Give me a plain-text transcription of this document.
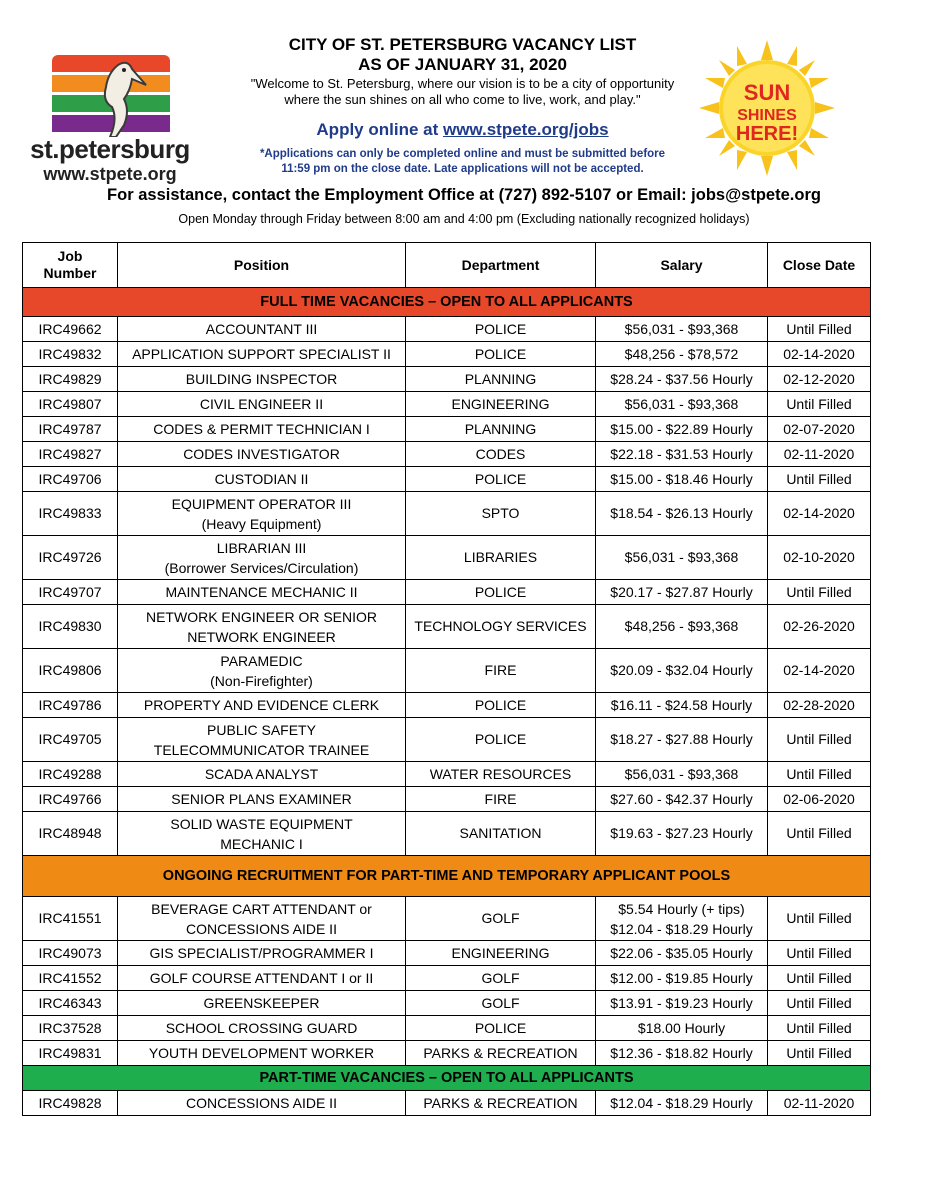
st.petersburg
www.stpete.org
SUN
SHINES
HERE!
CITY OF ST. PETERSBURG VACANCY LIST
AS OF JANUARY 31, 2020
"Welcome to St. Petersburg, where our vision is to be a city of opportunity
where the sun shines on all who come to live, work, and play."
Apply online at www.stpete.org/jobs
*Applications can only be completed online and must be submitted before
11:59 pm on the close date. Late applications will not be accepted.
For assistance, contact the Employment Office at (727) 892-5107 or Email: jobs@stpete.org
Open Monday through Friday between 8:00 am and 4:00 pm (Excluding nationally recognized holidays)
Job
Number	Position	Department	Salary	Close Date
FULL TIME VACANCIES – OPEN TO ALL APPLICANTS				
IRC49662	ACCOUNTANT III	POLICE	$56,031 - $93,368	Until Filled
IRC49832	APPLICATION SUPPORT SPECIALIST II	POLICE	$48,256 - $78,572	02-14-2020
IRC49829	BUILDING INSPECTOR	PLANNING	$28.24 - $37.56 Hourly	02-12-2020
IRC49807	CIVIL ENGINEER II	ENGINEERING	$56,031 - $93,368	Until Filled
IRC49787	CODES & PERMIT TECHNICIAN I	PLANNING	$15.00 - $22.89 Hourly	02-07-2020
IRC49827	CODES INVESTIGATOR	CODES	$22.18 - $31.53 Hourly	02-11-2020
IRC49706	CUSTODIAN II	POLICE	$15.00 - $18.46 Hourly	Until Filled
IRC49833	EQUIPMENT OPERATOR III
(Heavy Equipment)	SPTO	$18.54 - $26.13 Hourly	02-14-2020
IRC49726	LIBRARIAN III
(Borrower Services/Circulation)	LIBRARIES	$56,031 - $93,368	02-10-2020
IRC49707	MAINTENANCE MECHANIC II	POLICE	$20.17 - $27.87 Hourly	Until Filled
IRC49830	NETWORK ENGINEER OR SENIOR
NETWORK ENGINEER	TECHNOLOGY SERVICES	$48,256 - $93,368	02-26-2020
IRC49806	PARAMEDIC
(Non-Firefighter)	FIRE	$20.09 - $32.04 Hourly	02-14-2020
IRC49786	PROPERTY AND EVIDENCE CLERK	POLICE	$16.11 - $24.58 Hourly	02-28-2020
IRC49705	PUBLIC SAFETY
TELECOMMUNICATOR TRAINEE	POLICE	$18.27 - $27.88 Hourly	Until Filled
IRC49288	SCADA ANALYST	WATER RESOURCES	$56,031 - $93,368	Until Filled
IRC49766	SENIOR PLANS EXAMINER	FIRE	$27.60 - $42.37 Hourly	02-06-2020
IRC48948	SOLID WASTE EQUIPMENT
MECHANIC I	SANITATION	$19.63 - $27.23 Hourly	Until Filled
ONGOING RECRUITMENT FOR PART-TIME AND TEMPORARY APPLICANT POOLS				
IRC41551	BEVERAGE CART ATTENDANT or
CONCESSIONS AIDE II	GOLF	$5.54 Hourly (+ tips)
$12.04 - $18.29 Hourly	Until Filled
IRC49073	GIS SPECIALIST/PROGRAMMER I	ENGINEERING	$22.06 - $35.05 Hourly	Until Filled
IRC41552	GOLF COURSE ATTENDANT I or II	GOLF	$12.00 - $19.85 Hourly	Until Filled
IRC46343	GREENSKEEPER	GOLF	$13.91 - $19.23 Hourly	Until Filled
IRC37528	SCHOOL CROSSING GUARD	POLICE	$18.00 Hourly	Until Filled
IRC49831	YOUTH DEVELOPMENT WORKER	PARKS & RECREATION	$12.36 - $18.82 Hourly	Until Filled
PART-TIME VACANCIES – OPEN TO ALL APPLICANTS				
IRC49828	CONCESSIONS AIDE II	PARKS & RECREATION	$12.04 - $18.29 Hourly	02-11-2020
